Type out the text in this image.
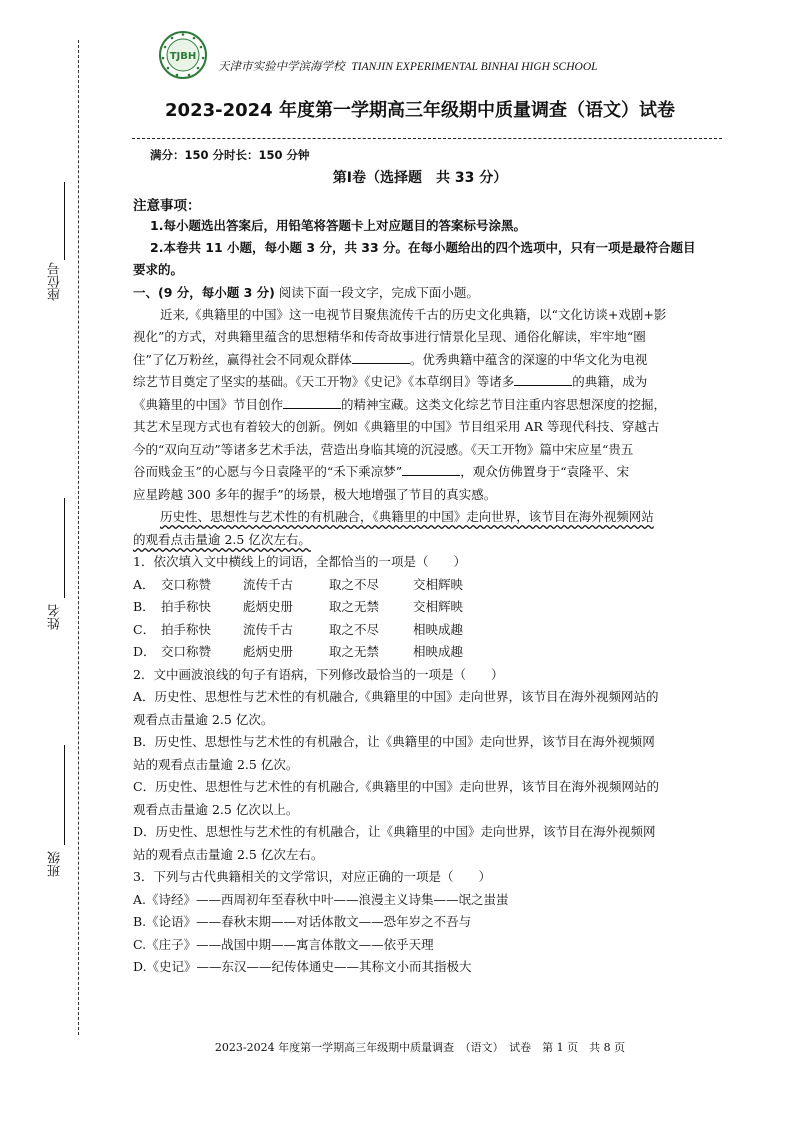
座位号
姓名
班级
TJBH
天津市实验中学滨海学校 TIANJIN EXPERIMENTAL BINHAI HIGH SCHOOL
2023-2024 年度第一学期高三年级期中质量调查（语文）试卷
满分：150 分时长：150 分钟
第Ⅰ卷（选择题　共 33 分）
注意事项：
1.每小题选出答案后，用铅笔将答题卡上对应题目的答案标号涂黑。
2.本卷共 11 小题，每小题 3 分，共 33 分。在每小题给出的四个选项中，只有一项是最符合题目
要求的。
一、(9 分，每小题 3 分) 阅读下面一段文字，完成下面小题。
近来,《典籍里的中国》这一电视节目聚焦流传千古的历史文化典籍，以“文化访谈+戏剧+影
视化”的方式，对典籍里蕴含的思想精华和传奇故事进行情景化呈现、通俗化解读，牢牢地“圈
住”了亿万粉丝，赢得社会不同观众群体	。优秀典籍中蕴含的深邃的中华文化为电视
综艺节目奠定了坚实的基础。《天工开物》《史记》《本草纲目》等诸多	的典籍，成为
《典籍里的中国》节目创作	的精神宝藏。这类文化综艺节目注重内容思想深度的挖掘，
其艺术呈现方式也有着较大的创新。例如《典籍里的中国》节目组采用 AR 等现代科技、穿越古
今的“双向互动”等诸多艺术手法，营造出身临其境的沉浸感。《天工开物》篇中宋应星“贵五
谷而贱金玉”的心愿与今日袁隆平的“禾下乘凉梦”	，观众仿佛置身于“袁隆平、宋
应星跨越 300 多年的握手”的场景，极大地增强了节目的真实感。
历史性、思想性与艺术性的有机融合，《典籍里的中国》走向世界，该节目在海外视频网站
的观看点击量逾 2.5 亿次左右。
1．依次填入文中横线上的词语，全都恰当的一项是（　　）
A． 交口称赞	流传千古	取之不尽	交相辉映
B． 拍手称快	彪炳史册	取之无禁	交相辉映
C． 拍手称快	流传千古	取之不尽	相映成趣
D． 交口称赞	彪炳史册	取之无禁	相映成趣
2．文中画波浪线的句子有语病，下列修改最恰当的一项是（　　）
A．历史性、思想性与艺术性的有机融合,《典籍里的中国》走向世界，该节目在海外视频网站的
观看点击量逾 2.5 亿次。
B．历史性、思想性与艺术性的有机融合，让《典籍里的中国》走向世界，该节目在海外视频网
站的观看点击量逾 2.5 亿次。
C．历史性、思想性与艺术性的有机融合,《典籍里的中国》走向世界，该节目在海外视频网站的
观看点击量逾 2.5 亿次以上。
D．历史性、思想性与艺术性的有机融合，让《典籍里的中国》走向世界，该节目在海外视频网
站的观看点击量逾 2.5 亿次左右。
3．下列与古代典籍相关的文学常识，对应正确的一项是（　　）
A.《诗经》——西周初年至春秋中叶——浪漫主义诗集——氓之蚩蚩
B.《论语》——春秋末期——对话体散文——恐年岁之不吾与
C.《庄子》——战国中期——寓言体散文——依乎天理
D.《史记》——东汉——纪传体通史——其称文小而其指极大
2023-2024 年度第一学期高三年级期中质量调查　（语文）　试卷　第 1 页　共 8 页
